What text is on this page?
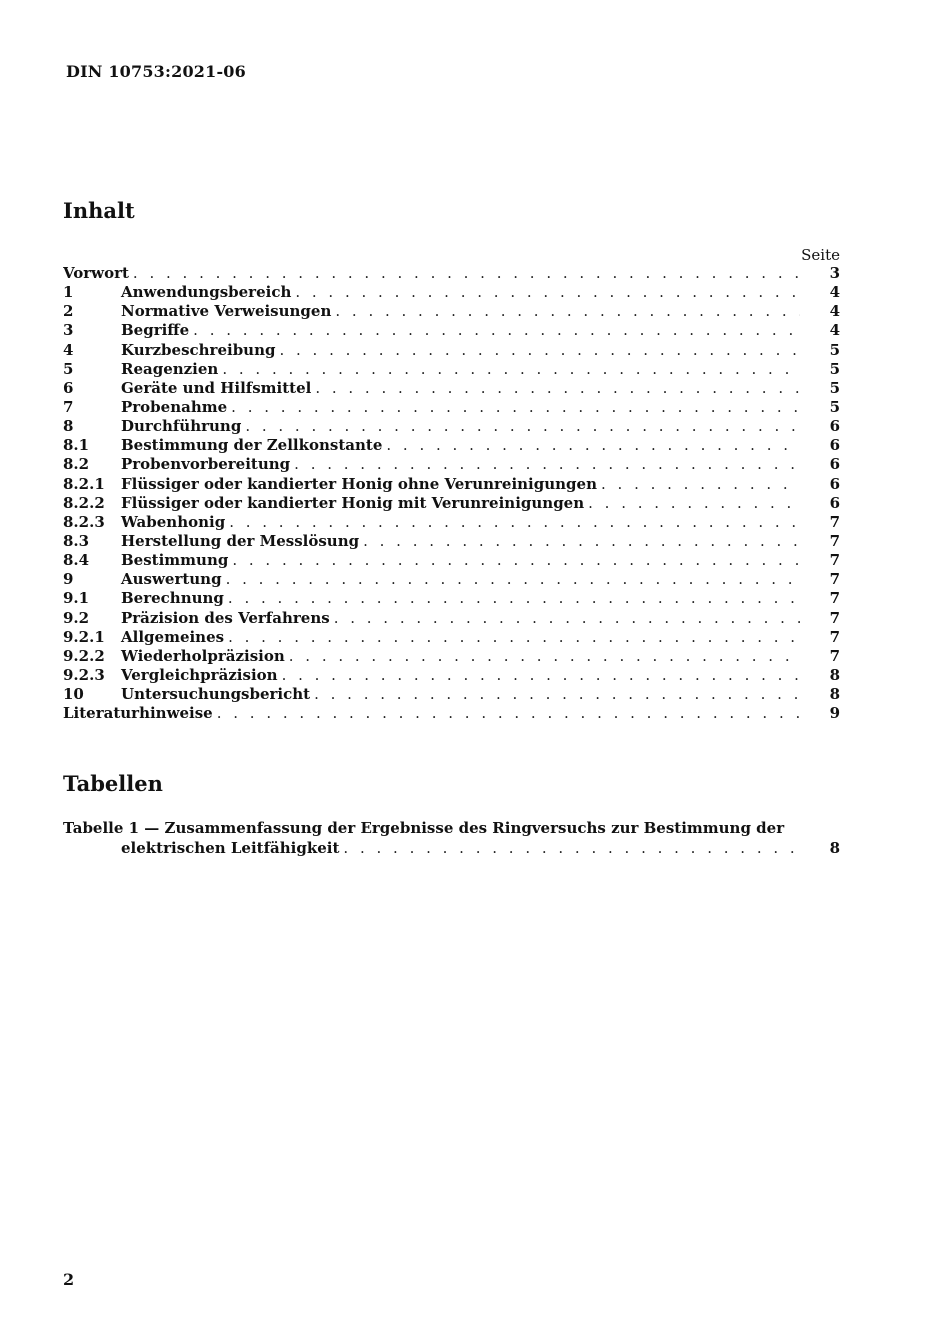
DIN 10753:2021-06
Inhalt
Seite
Vorwort . . .	3
1	Anwendungsbereich . . .	4
2	Normative Verweisungen . . .	4
3	Begriffe . . .	4
4	Kurzbeschreibung . . .	5
5	Reagenzien . . .	5
6	Geräte und Hilfsmittel . . .	5
7	Probenahme . . .	5
8	Durchführung . . .	6
8.1	Bestimmung der Zellkonstante . . .	6
8.2	Probenvorbereitung . . .	6
8.2.1	Flüssiger oder kandierter Honig ohne Verunreinigungen . . .	6
8.2.2	Flüssiger oder kandierter Honig mit Verunreinigungen . . .	6
8.2.3	Wabenhonig . . .	7
8.3	Herstellung der Messlösung . . .	7
8.4	Bestimmung . . .	7
9	Auswertung . . .	7
9.1	Berechnung . . .	7
9.2	Präzision des Verfahrens . . .	7
9.2.1	Allgemeines . . .	7
9.2.2	Wiederholpräzision . . .	7
9.2.3	Vergleichpräzision . . .	8
10	Untersuchungsbericht . . .	8
Literaturhinweise . . .	9
Tabellen
Tabelle 1 — Zusammenfassung der Ergebnisse des Ringversuchs zur Bestimmung der
elektrischen Leitfähigkeit . . .	8
2
